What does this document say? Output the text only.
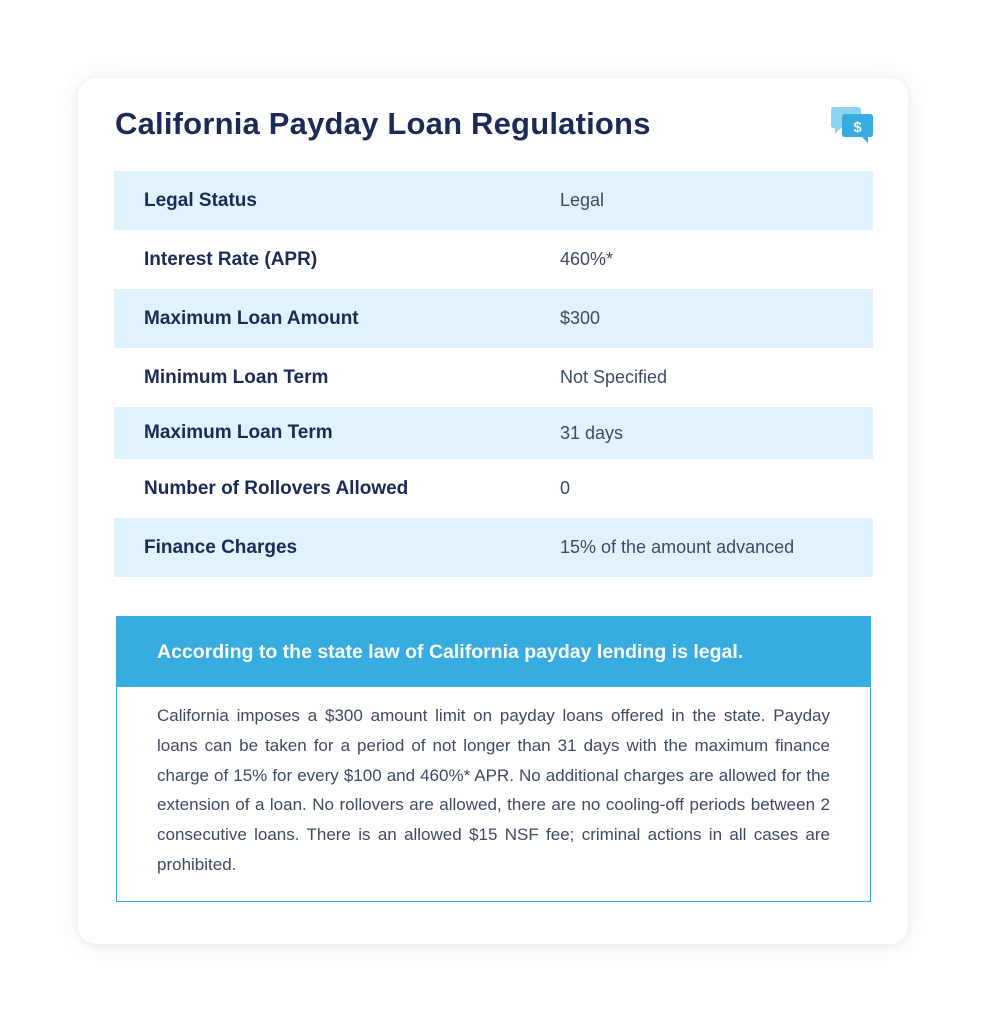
California Payday Loan Regulations	$
Legal Status	Legal
Interest Rate (APR)	460%*
Maximum Loan Amount	$300
Minimum Loan Term	Not Specified
Maximum Loan Term	31 days
Number of Rollovers Allowed	0
Finance Charges	15% of the amount advanced
According to the state law of California payday lending is legal.

California imposes a $300 amount limit on payday loans offered in the state. Payday loans can be taken for a period of not longer than 31 days with the maximum finance charge of 15% for every $100 and 460%* APR. No additional charges are allowed for the extension of a loan. No rollovers are allowed, there are no cooling-off periods between 2 consecutive loans. There is an allowed $15 NSF fee; criminal actions in all cases are prohibited.
